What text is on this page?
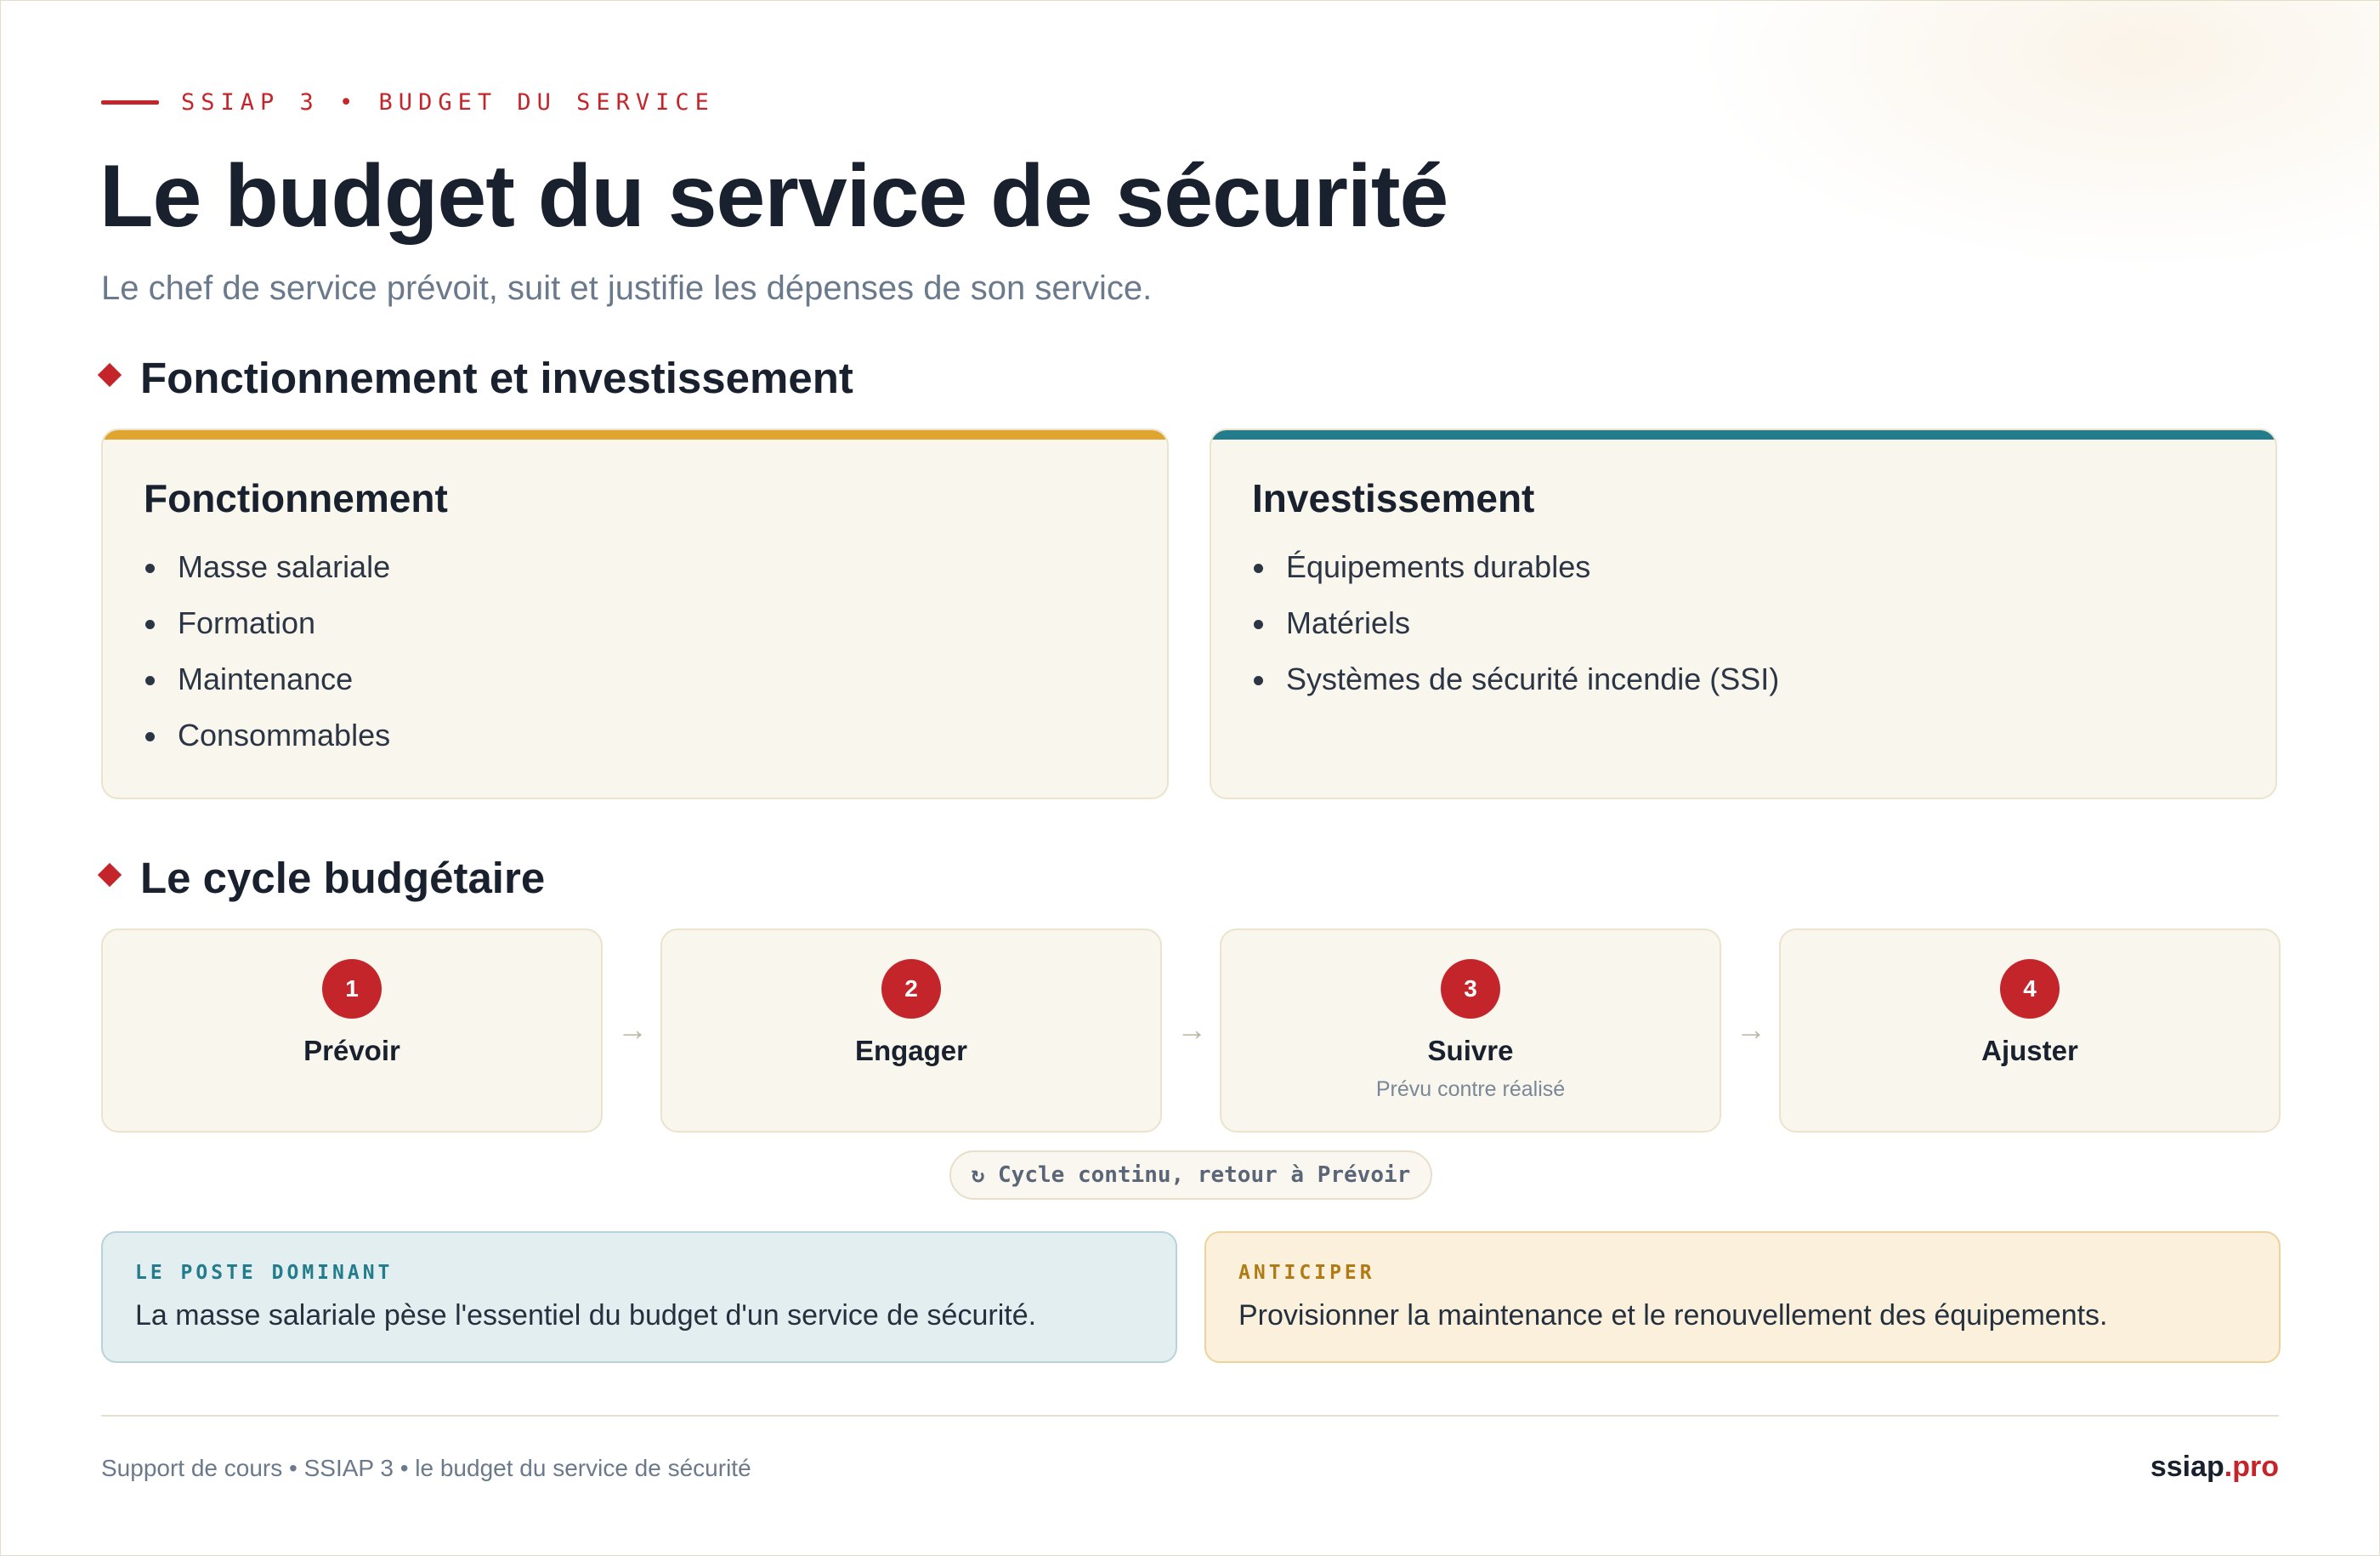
SSIAP 3 • BUDGET DU SERVICE
Le budget du service de sécurité

Le chef de service prévoit, suit et justifie les dépenses de son service.

Fonctionnement et investissement
Fonctionnement
Masse salariale
Formation
Maintenance
Consommables
Investissement
Équipements durables
Matériels
Systèmes de sécurité incendie (SSI)
Le cycle budgétaire
1
Prévoir
→
2
Engager
→
3
Suivre
Prévu contre réalisé
→
4
Ajuster
↻ Cycle continu, retour à Prévoir
LE POSTE DOMINANT
La masse salariale pèse l'essentiel du budget d'un service de sécurité.
ANTICIPER
Provisionner la maintenance et le renouvellement des équipements.
Support de cours • SSIAP 3 • le budget du service de sécurité	ssiap.pro
